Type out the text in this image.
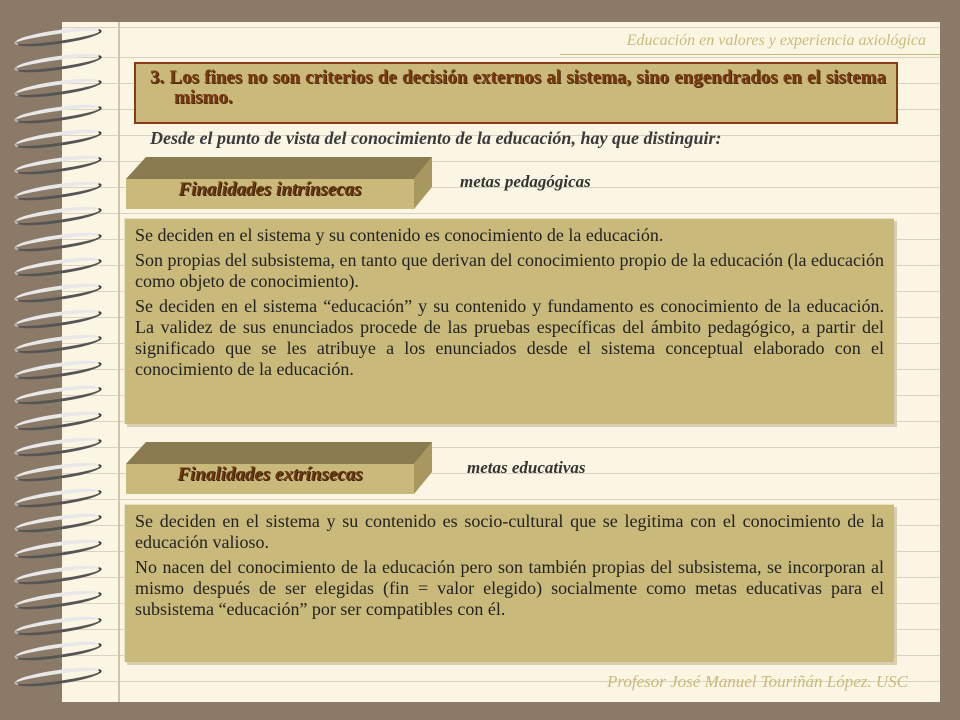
Educación en valores y experiencia axiológica
3. Los fines no son criterios de decisión externos al sistema, sino engendrados en el sistema mismo.
Desde el punto de vista del conocimiento de la educación, hay que distinguir:
Finalidades intrínsecas	metas pedagógicas

Se deciden en el sistema y su contenido es conocimiento de la educación.

Son propias del subsistema, en tanto que derivan del conocimiento propio de la educación (la educación como objeto de conocimiento).

Se deciden en el sistema “educación” y su contenido y fundamento es conocimiento de la educación. La validez de sus enunciados procede de las pruebas específicas del ámbito pedagógico, a partir del significado que se les atribuye a los enunciados desde el sistema conceptual elaborado con el conocimiento de la educación.

Finalidades extrínsecas	metas educativas

Se deciden en el sistema y su contenido es socio-cultural que se legitima con el conocimiento de la educación valioso.

No nacen del conocimiento de la educación pero son también propias del subsistema, se incorporan al mismo después de ser elegidas (fin = valor elegido) socialmente como metas educativas para el subsistema “educación” por ser compatibles con él.

Profesor José Manuel Touriñán López. USC
